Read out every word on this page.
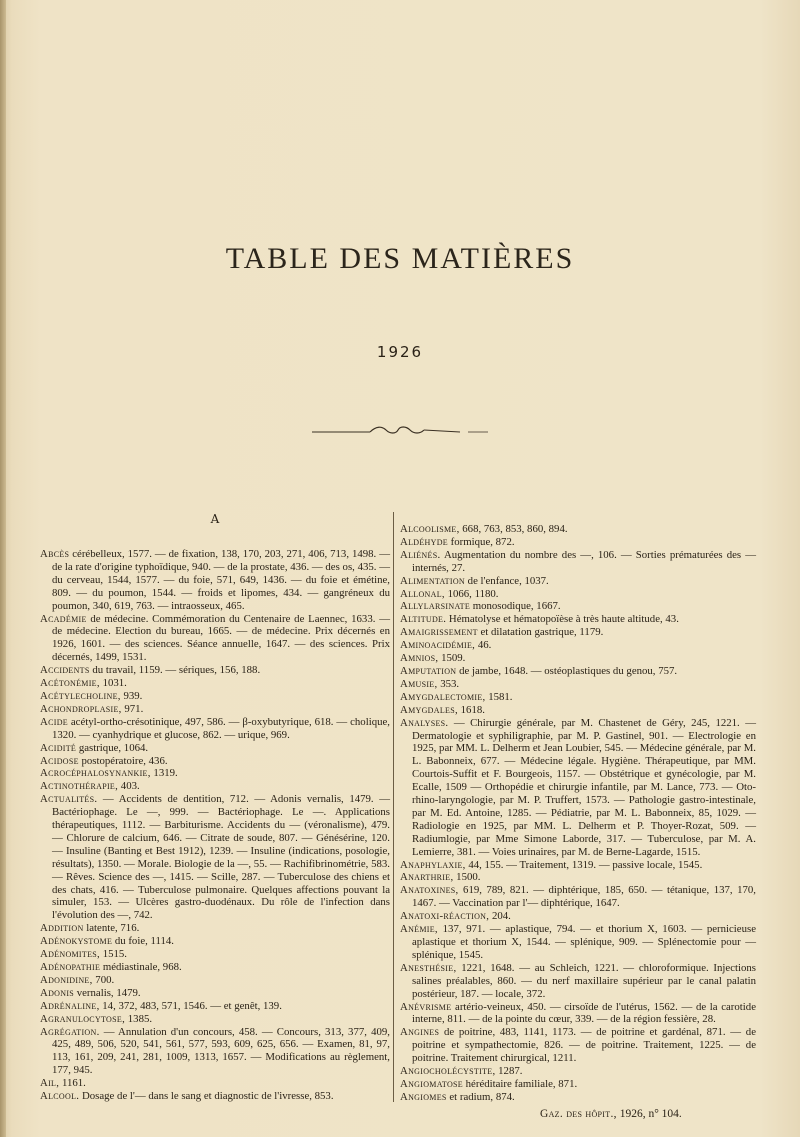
TABLE DES MATIÈRES
1926
A

Abcès cérébelleux, 1577. — de fixation, 138, 170, 203, 271, 406, 713, 1498. — de la rate d'origine typhoïdique, 940. — de la prostate, 436. — des os, 435. — du cerveau, 1544, 1577. — du foie, 571, 649, 1436. — du foie et émétine, 809. — du poumon, 1544. — froids et lipomes, 434. — gangréneux du poumon, 340, 619, 763. — intraosseux, 465.

Académie de médecine. Commémoration du Centenaire de Laennec, 1633. — de médecine. Election du bureau, 1665. — de médecine. Prix décernés en 1926, 1601. — des sciences. Séance annuelle, 1647. — des sciences. Prix décernés, 1499, 1531.

Accidents du travail, 1159. — sériques, 156, 188.

Acétonémie, 1031.

Acétylecholine, 939.

Achondroplasie, 971.

Acide acétyl-ortho-crésotinique, 497, 586. — β-oxybutyrique, 618. — cholique, 1320. — cyanhydrique et glucose, 862. — urique, 969.

Acidité gastrique, 1064.

Acidose postopératoire, 436.

Acrocéphalosynankie, 1319.

Actinothérapie, 403.

Actualités. — Accidents de dentition, 712. — Adonis vernalis, 1479. — Bactériophage. Le —, 999. — Bactériophage. Le —. Applications thérapeutiques, 1112. — Barbiturisme. Accidents du — (véronalisme), 479. — Chlorure de calcium, 646. — Citrate de soude, 807. — Génésérine, 120. — Insuline (Banting et Best 1912), 1239. — Insuline (indications, posologie, résultats), 1350. — Morale. Biologie de la —, 55. — Rachifibrinométrie, 583. — Rêves. Science des —, 1415. — Scille, 287. — Tuberculose des chiens et des chats, 416. — Tuberculose pulmonaire. Quelques affections pouvant la simuler, 153. — Ulcères gastro-duodénaux. Du rôle de l'infection dans l'évolution des —, 742.

Addition latente, 716.

Adénokystome du foie, 1114.

Adénomites, 1515.

Adénopathie médiastinale, 968.

Adonidine, 700.

Adonis vernalis, 1479.

Adrénaline, 14, 372, 483, 571, 1546. — et genêt, 139.

Agranulocytose, 1385.

Agrégation. — Annulation d'un concours, 458. — Concours, 313, 377, 409, 425, 489, 506, 520, 541, 561, 577, 593, 609, 625, 656. — Examen, 81, 97, 113, 161, 209, 241, 281, 1009, 1313, 1657. — Modifications au règlement, 177, 945.

Ail, 1161.

Alcool. Dosage de l'— dans le sang et diagnostic de l'ivresse, 853.

Alcoolisme, 668, 763, 853, 860, 894.

Aldéhyde formique, 872.

Aliénés. Augmentation du nombre des —, 106. — Sorties prématurées des — internés, 27.

Alimentation de l'enfance, 1037.

Allonal, 1066, 1180.

Allylarsinate monosodique, 1667.

Altitude. Hématolyse et hématopoïèse à très haute altitude, 43.

Amaigrissement et dilatation gastrique, 1179.

Aminoacidémie, 46.

Amnios, 1509.

Amputation de jambe, 1648. — ostéoplastiques du genou, 757.

Amusie, 353.

Amygdalectomie, 1581.

Amygdales, 1618.

Analyses. — Chirurgie générale, par M. Chastenet de Géry, 245, 1221. — Dermatologie et syphiligraphie, par M. P. Gastinel, 901. — Electrologie en 1925, par MM. L. Delherm et Jean Loubier, 545. — Médecine générale, par M. L. Babonneix, 677. — Médecine légale. Hygiène. Thérapeutique, par MM. Courtois-Suffit et F. Bourgeois, 1157. — Obstétrique et gynécologie, par M. Ecalle, 1509 — Orthopédie et chirurgie infantile, par M. Lance, 773. — Oto-rhino-laryngologie, par M. P. Truffert, 1573. — Pathologie gastro-intestinale, par M. Ed. Antoine, 1285. — Pédiatrie, par M. L. Babonneix, 85, 1029. — Radiologie en 1925, par MM. L. Delherm et P. Thoyer-Rozat, 509. — Radiumlogie, par Mme Simone Laborde, 317. — Tuberculose, par M. A. Lemierre, 381. — Voies urinaires, par M. de Berne-Lagarde, 1515.

Anaphylaxie, 44, 155. — Traitement, 1319. — passive locale, 1545.

Anarthrie, 1500.

Anatoxines, 619, 789, 821. — diphtérique, 185, 650. — tétanique, 137, 170, 1467. — Vaccination par l'— diphtérique, 1647.

Anatoxi-réaction, 204.

Anémie, 137, 971. — aplastique, 794. — et thorium X, 1603. — pernicieuse aplastique et thorium X, 1544. — splénique, 909. — Splénectomie pour — splénique, 1545.

Anesthésie, 1221, 1648. — au Schleich, 1221. — chloroformique. Injections salines préalables, 860. — du nerf maxillaire supérieur par le canal palatin postérieur, 187. — locale, 372.

Anévrisme artério-veineux, 450. — cirsoïde de l'utérus, 1562. — de la carotide interne, 811. — de la pointe du cœur, 339. — de la région fessière, 28.

Angines de poitrine, 483, 1141, 1173. — de poitrine et gardénal, 871. — de poitrine et sympathectomie, 826. — de poitrine. Traitement, 1225. — de poitrine. Traitement chirurgical, 1211.

Angiocholécystite, 1287.

Angiomatose héréditaire familiale, 871.

Angiomes et radium, 874.

Gaz. des hôpit., 1926, n° 104.
